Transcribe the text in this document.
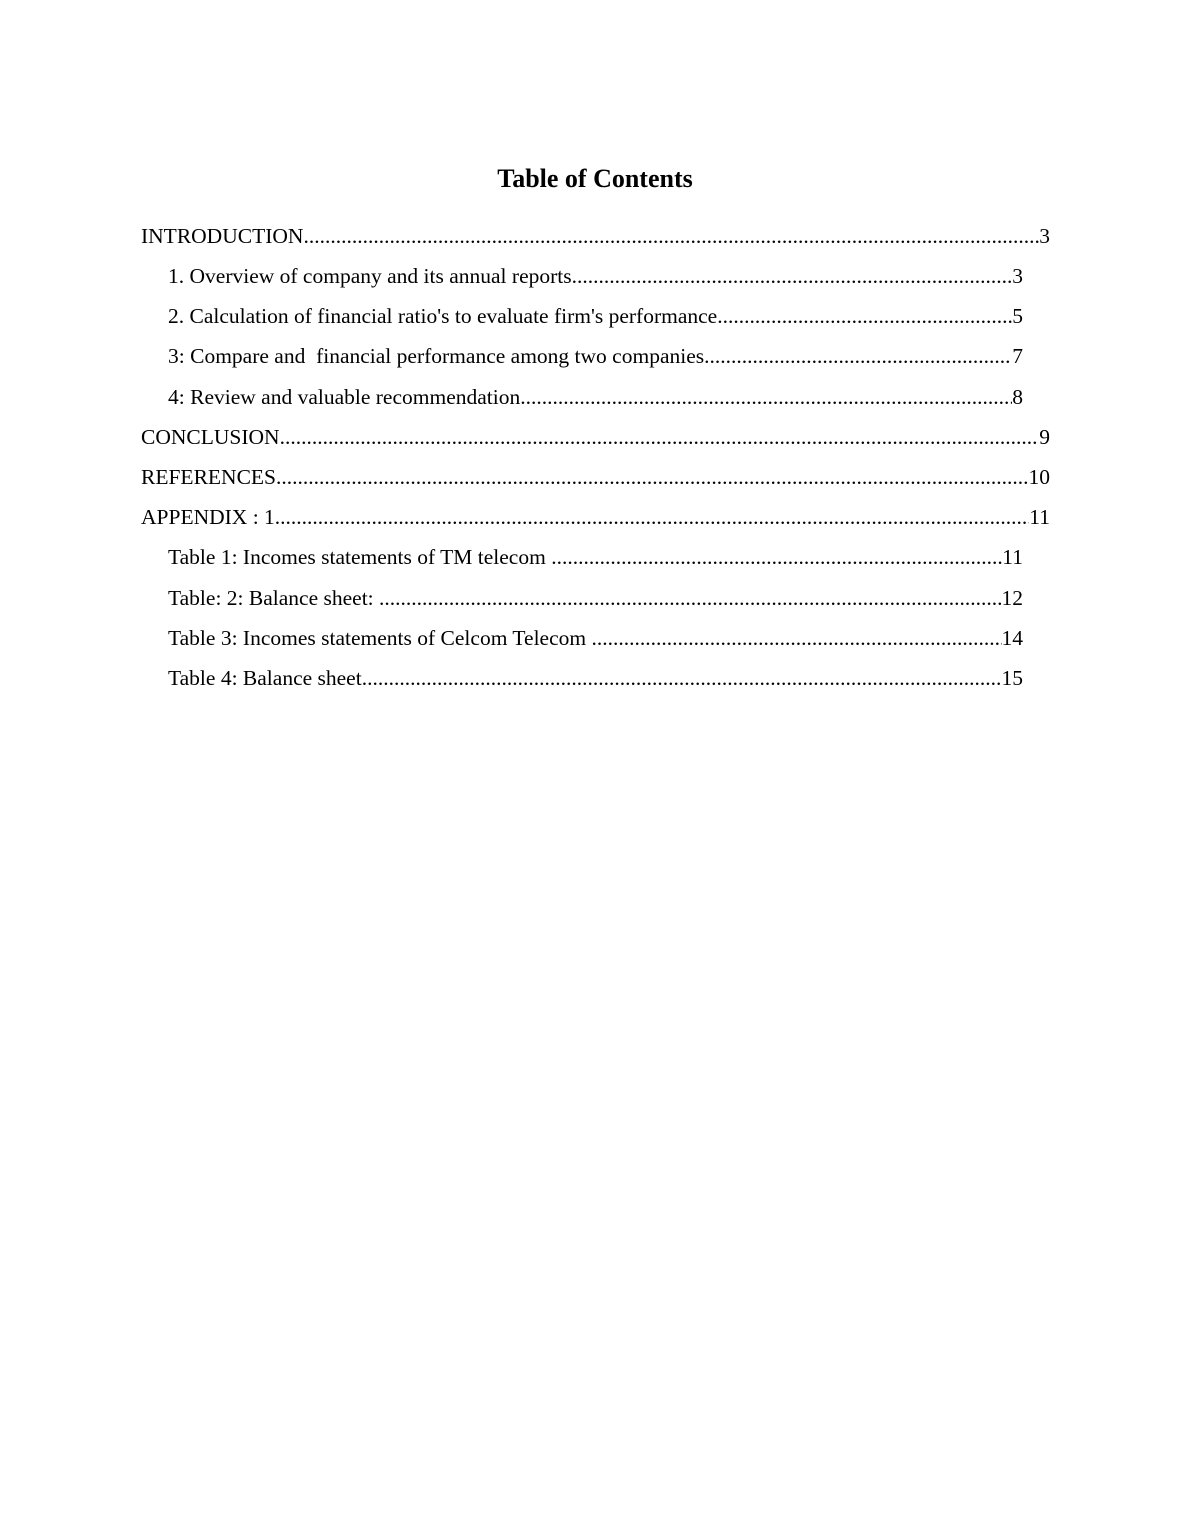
Table of Contents
INTRODUCTION .....	3
1. Overview of company and its annual reports .....	3
2. Calculation of financial ratio's to evaluate firm's performance .....	5
3: Compare and  financial performance among two companies .....	7
4: Review and valuable recommendation .....	8
CONCLUSION .....	9
REFERENCES .....	10
APPENDIX : 1 .....	11
Table 1: Incomes statements of TM telecom .....	11
Table: 2: Balance sheet: .....	12
Table 3: Incomes statements of Celcom Telecom .....	14
Table 4: Balance sheet .....	15
